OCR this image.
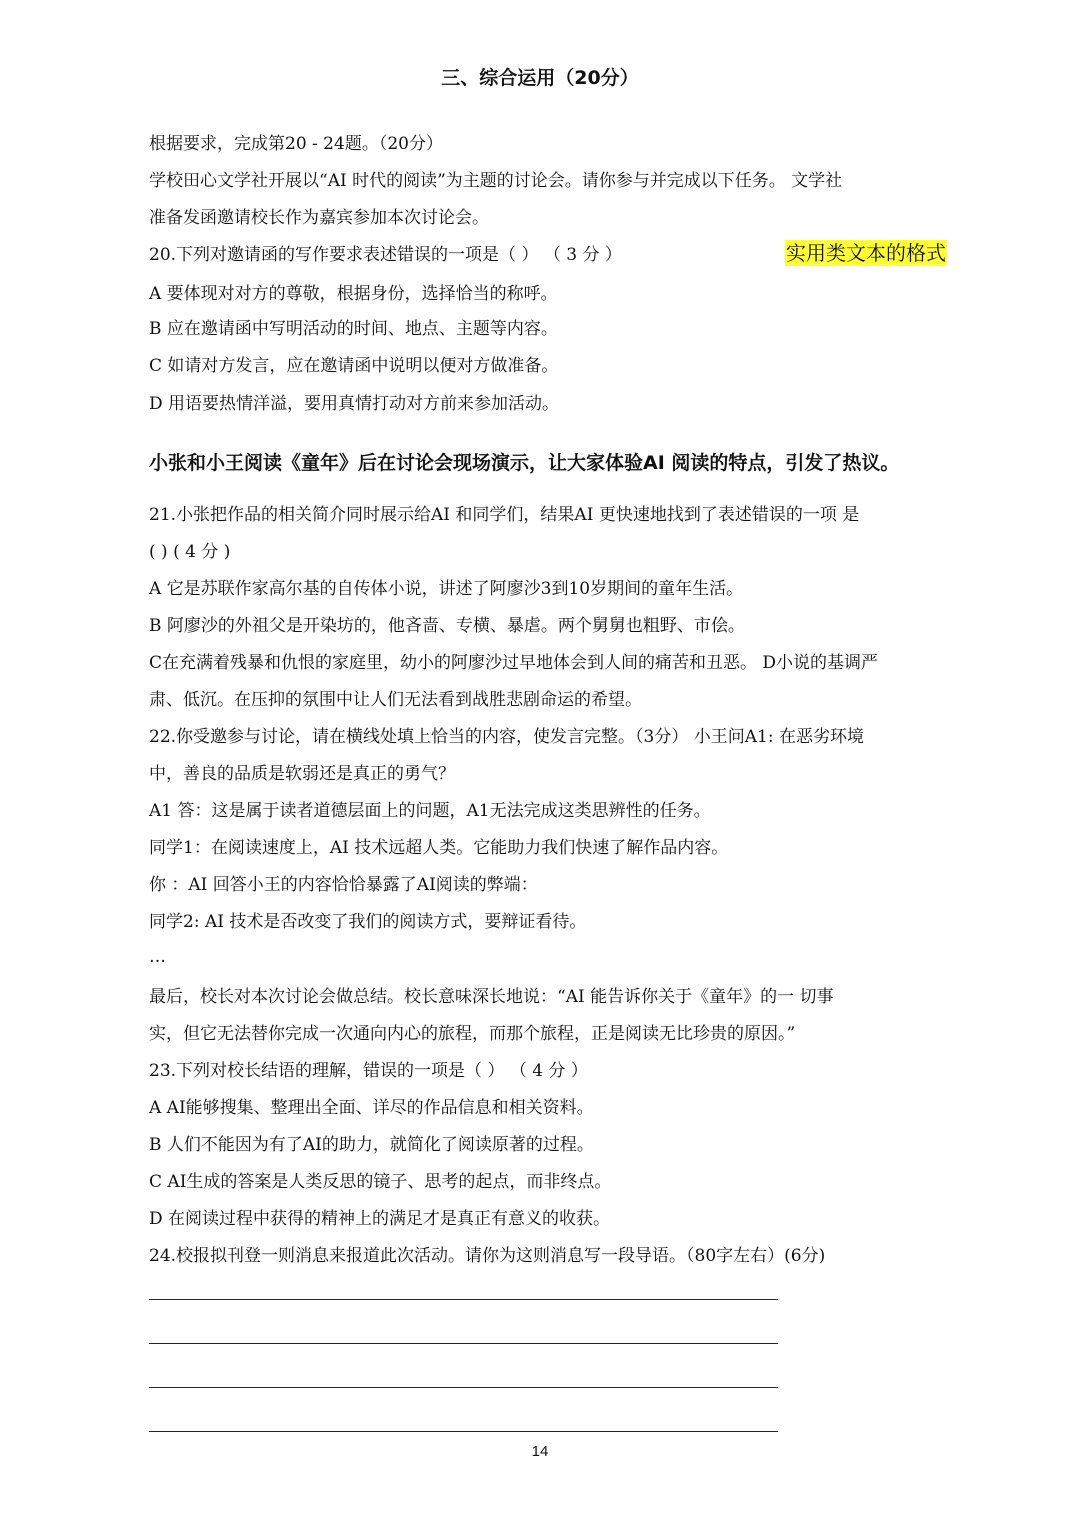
三、综合运用（20分）
根据要求，完成第20 - 24题。（20分）
学校田心文学社开展以“AI 时代的阅读”为主题的讨论会。请你参与并完成以下任务。 文学社
准备发函邀请校长作为嘉宾参加本次讨论会。
20.下列对邀请函的写作要求表述错误的一项是（ ） （ 3 分 ）	实用类文本的格式
A 要体现对对方的尊敬，根据身份，选择恰当的称呼。
B 应在邀请函中写明活动的时间、地点、主题等内容。
C 如请对方发言，应在邀请函中说明以便对方做准备。
D 用语要热情洋溢，要用真情打动对方前来参加活动。
小张和小王阅读《童年》后在讨论会现场演示，让大家体验AI 阅读的特点，引发了热议。
21.小张把作品的相关简介同时展示给AI 和同学们，结果AI 更快速地找到了表述错误的一项 是
( ) ( 4 分 )
A 它是苏联作家高尔基的自传体小说，讲述了阿廖沙3到10岁期间的童年生活。
B 阿廖沙的外祖父是开染坊的，他吝啬、专横、暴虐。两个舅舅也粗野、市侩。
C在充满着残暴和仇恨的家庭里，幼小的阿廖沙过早地体会到人间的痛苦和丑恶。 D小说的基调严
肃、低沉。在压抑的氛围中让人们无法看到战胜悲剧命运的希望。
22.你受邀参与讨论，请在横线处填上恰当的内容，使发言完整。（3分） 小王问A1: 在恶劣环境
中，善良的品质是软弱还是真正的勇气？
A1 答：这是属于读者道德层面上的问题，A1无法完成这类思辨性的任务。
同学1：在阅读速度上，AI 技术远超人类。它能助力我们快速了解作品内容。
你 ：AI 回答小王的内容恰恰暴露了AI阅读的弊端：
同学2: AI 技术是否改变了我们的阅读方式，要辩证看待。
…
最后，校长对本次讨论会做总结。校长意味深长地说：“AI 能告诉你关于《童年》的一 切事
实，但它无法替你完成一次通向内心的旅程，而那个旅程，正是阅读无比珍贵的原因。”
23.下列对校长结语的理解，错误的一项是（ ） （ 4 分 ）
A AI能够搜集、整理出全面、详尽的作品信息和相关资料。
B 人们不能因为有了AI的助力，就简化了阅读原著的过程。
C AI生成的答案是人类反思的镜子、思考的起点，而非终点。
D 在阅读过程中获得的精神上的满足才是真正有意义的收获。
24.校报拟刊登一则消息来报道此次活动。请你为这则消息写一段导语。（80字左右）(6分)
14
